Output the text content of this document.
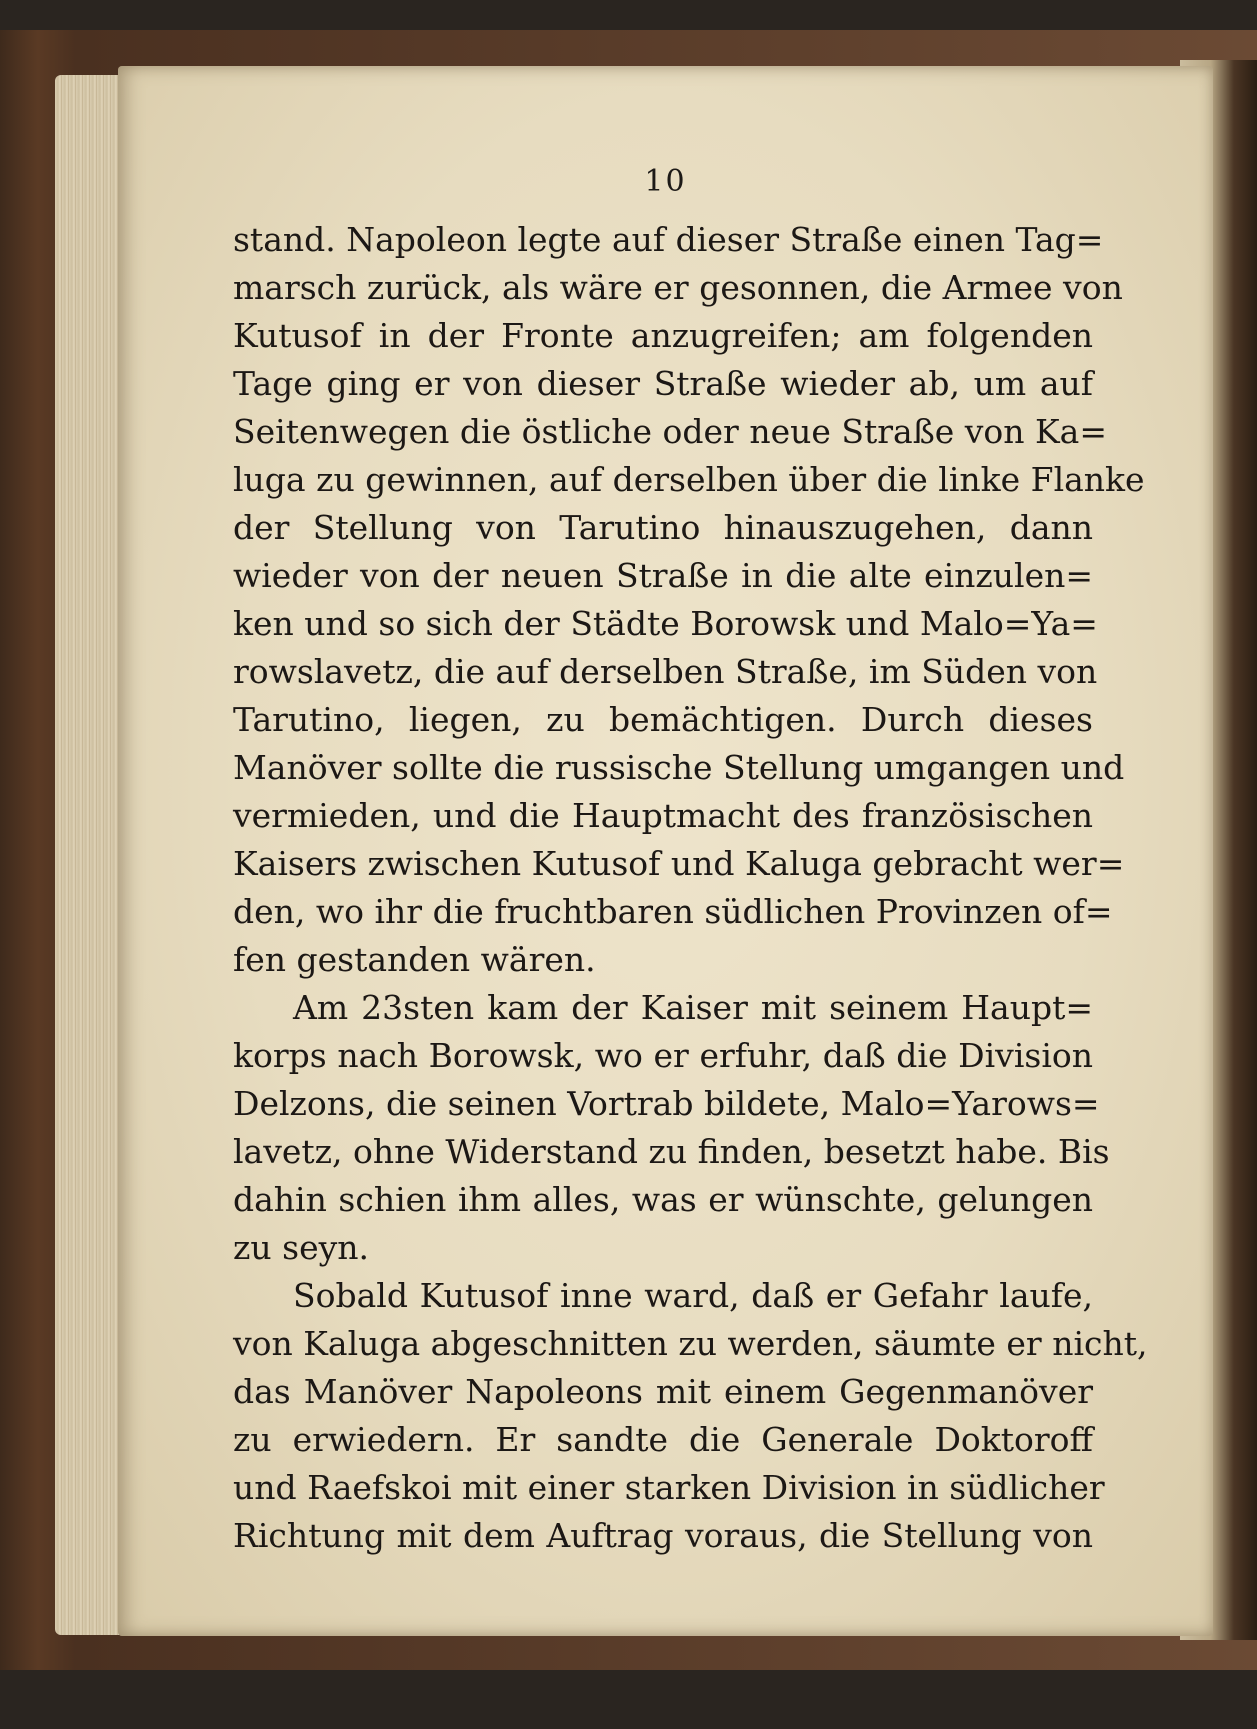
10
stand. Napoleon legte auf dieser Straße einen Tag=
marsch zurück, als wäre er gesonnen, die Armee von
Kutusof in der Fronte anzugreifen; am folgenden
Tage ging er von dieser Straße wieder ab, um auf
Seitenwegen die östliche oder neue Straße von Ka=
luga zu gewinnen, auf derselben über die linke Flanke
der Stellung von Tarutino hinauszugehen, dann
wieder von der neuen Straße in die alte einzulen=
ken und so sich der Städte Borowsk und Malo=Ya=
rowslavetz, die auf derselben Straße, im Süden von
Tarutino, liegen, zu bemächtigen. Durch dieses
Manöver sollte die russische Stellung umgangen und
vermieden, und die Hauptmacht des französischen
Kaisers zwischen Kutusof und Kaluga gebracht wer=
den, wo ihr die fruchtbaren südlichen Provinzen of=
fen gestanden wären.
Am 23sten kam der Kaiser mit seinem Haupt=
korps nach Borowsk, wo er erfuhr, daß die Division
Delzons, die seinen Vortrab bildete, Malo=Yarows=
lavetz, ohne Widerstand zu finden, besetzt habe. Bis
dahin schien ihm alles, was er wünschte, gelungen
zu seyn.
Sobald Kutusof inne ward, daß er Gefahr laufe,
von Kaluga abgeschnitten zu werden, säumte er nicht,
das Manöver Napoleons mit einem Gegenmanöver
zu erwiedern. Er sandte die Generale Doktoroff
und Raefskoi mit einer starken Division in südlicher
Richtung mit dem Auftrag voraus, die Stellung von
